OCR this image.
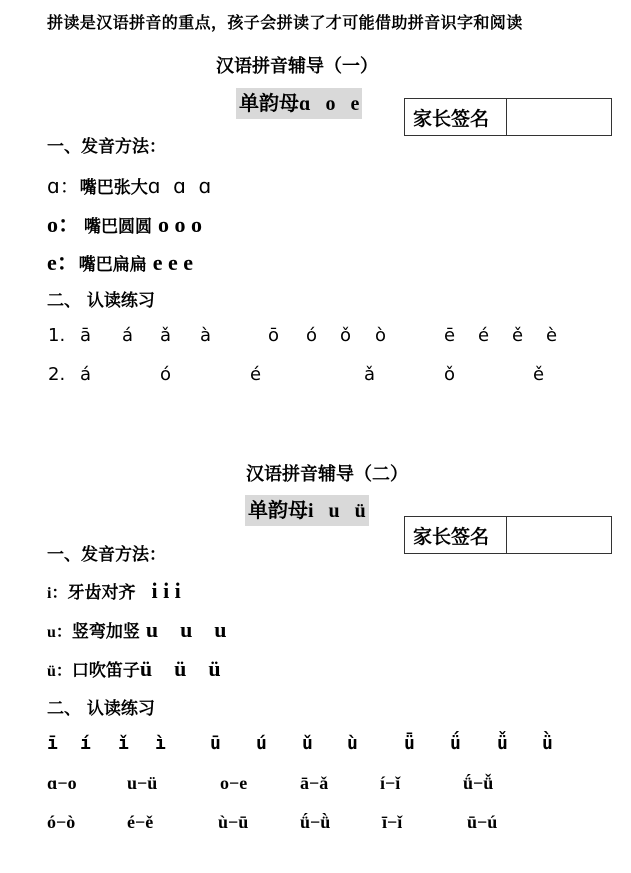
拼读是汉语拼音的重点，孩子会拼读了才可能借助拼音识字和阅读
汉语拼音辅导（一）
单韵母ɑ   o   e
家长签名
一、发音方法：
ɑ：嘴巴张大ɑ  ɑ  ɑ
o： 嘴巴圆圆 o o o
e：嘴巴扁扁 e e e
二、 认读练习
1. ā á ǎ à	ō ó ǒ ò	ē é ě è
2. á	ó	é	ǎ	ǒ	ě
汉语拼音辅导（二）
单韵母i   u   ü
家长签名
一、发音方法：
i：牙齿对齐 i i i
u：竖弯加竖 u    u    u
ü：口吹笛子ü    ü    ü
二、 认读练习
ī í ǐ ì ū ú ǔ ù	ǖ ǘ ǚ ǜ
ɑ−o	u−ü	o−e	ā−ǎ	í−ǐ	ǘ−ǚ
ó−ò	é−ě	ù−ū	ǘ−ǜ	ī−ǐ	ū−ú
